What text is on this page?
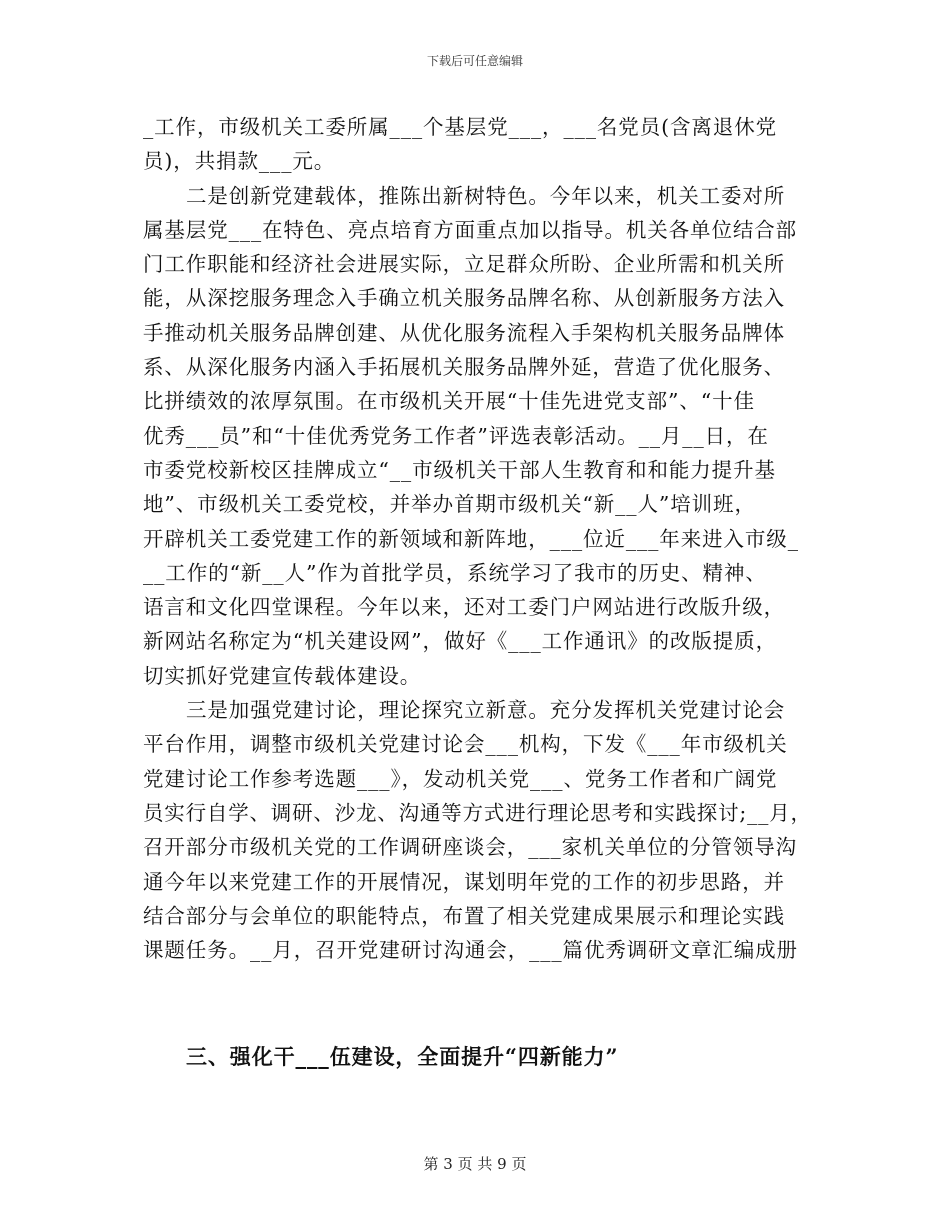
下载后可任意编辑
_工作，市级机关工委所属___个基层党___，___名党员(含离退休党
员)，共捐款___元。
二是创新党建载体，推陈出新树特色。今年以来，机关工委对所
属基层党___在特色、亮点培育方面重点加以指导。机关各单位结合部
门工作职能和经济社会进展实际，立足群众所盼、企业所需和机关所
能，从深挖服务理念入手确立机关服务品牌名称、从创新服务方法入
手推动机关服务品牌创建、从优化服务流程入手架构机关服务品牌体
系、从深化服务内涵入手拓展机关服务品牌外延，营造了优化服务、
比拼绩效的浓厚氛围。在市级机关开展“十佳先进党支部”、“十佳
优秀___员”和“十佳优秀党务工作者”评选表彰活动。__月__日，在
市委党校新校区挂牌成立“__市级机关干部人生教育和和能力提升基
地”、市级机关工委党校，并举办首期市级机关“新__人”培训班，
开辟机关工委党建工作的新领域和新阵地，___位近___年来进入市级_
__工作的“新__人”作为首批学员，系统学习了我市的历史、精神、
语言和文化四堂课程。今年以来，还对工委门户网站进行改版升级，
新网站名称定为“机关建设网”，做好《___工作通讯》的改版提质，
切实抓好党建宣传载体建设。
三是加强党建讨论，理论探究立新意。充分发挥机关党建讨论会
平台作用，调整市级机关党建讨论会___机构，下发《___年市级机关
党建讨论工作参考选题___》，发动机关党___、党务工作者和广阔党
员实行自学、调研、沙龙、沟通等方式进行理论思考和实践探讨;__月，
召开部分市级机关党的工作调研座谈会，___家机关单位的分管领导沟
通今年以来党建工作的开展情况，谋划明年党的工作的初步思路，并
结合部分与会单位的职能特点，布置了相关党建成果展示和理论实践
课题任务。__月，召开党建研讨沟通会，___篇优秀调研文章汇编成册
三、强化干___伍建设，全面提升“四新能力”
第 3 页 共 9 页
